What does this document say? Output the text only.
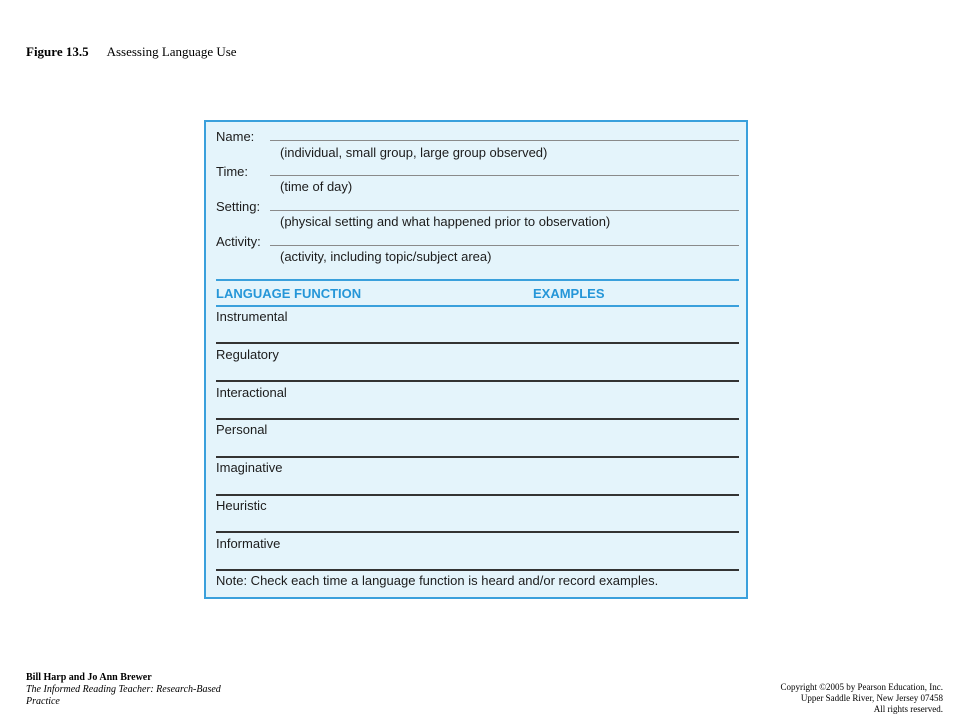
Figure 13.5 Assessing Language Use
Name:
(individual, small group, large group observed)
Time:
(time of day)
Setting:
(physical setting and what happened prior to observation)
Activity:
(activity, including topic/subject area)
LANGUAGE FUNCTION	EXAMPLES
Instrumental
Regulatory
Interactional
Personal
Imaginative
Heuristic
Informative
Note: Check each time a language function is heard and/or record examples.
Bill Harp and Jo Ann Brewer
The Informed Reading Teacher: Research-Based Practice
Copyright ©2005 by Pearson Education, Inc.
Upper Saddle River, New Jersey 07458
All rights reserved.
